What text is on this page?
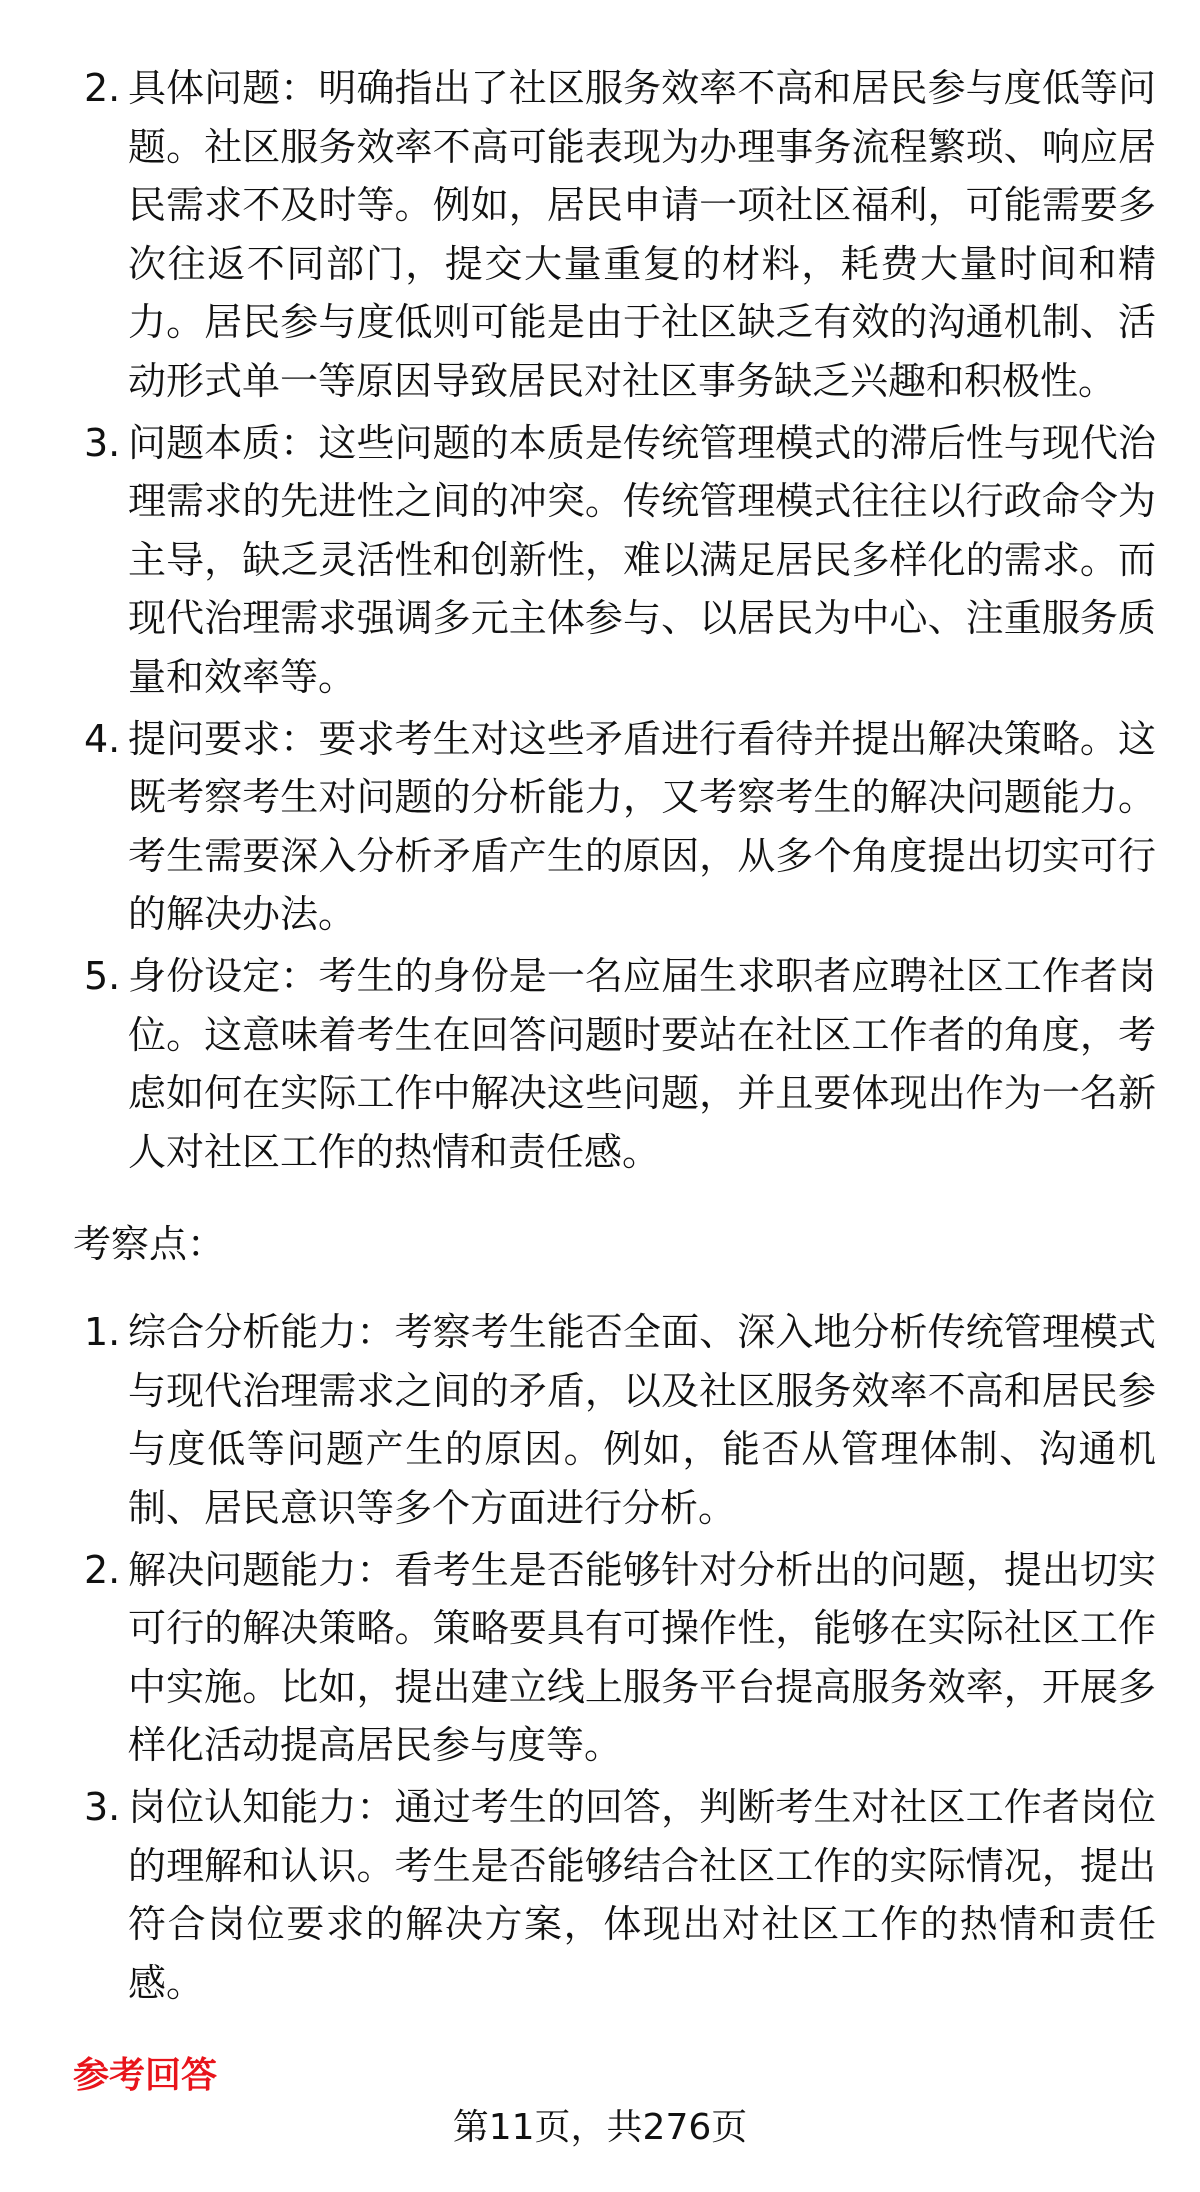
2. 具体问题：明确指出了社区服务效率不高和居民参与度低等问题。社区服务效率不高可能表现为办理事务流程繁琐、响应居民需求不及时等。例如，居民申请一项社区福利，可能需要多次往返不同部门，提交大量重复的材料，耗费大量时间和精力。居民参与度低则可能是由于社区缺乏有效的沟通机制、活动形式单一等原因导致居民对社区事务缺乏兴趣和积极性。
3. 问题本质：这些问题的本质是传统管理模式的滞后性与现代治理需求的先进性之间的冲突。传统管理模式往往以行政命令为主导，缺乏灵活性和创新性，难以满足居民多样化的需求。而现代治理需求强调多元主体参与、以居民为中心、注重服务质量和效率等。
4. 提问要求：要求考生对这些矛盾进行看待并提出解决策略。这既考察考生对问题的分析能力，又考察考生的解决问题能力。考生需要深入分析矛盾产生的原因，从多个角度提出切实可行的解决办法。
5. 身份设定：考生的身份是一名应届生求职者应聘社区工作者岗位。这意味着考生在回答问题时要站在社区工作者的角度，考虑如何在实际工作中解决这些问题，并且要体现出作为一名新人对社区工作的热情和责任感。
考察点：
1. 综合分析能力：考察考生能否全面、深入地分析传统管理模式与现代治理需求之间的矛盾，以及社区服务效率不高和居民参与度低等问题产生的原因。例如，能否从管理体制、沟通机制、居民意识等多个方面进行分析。
2. 解决问题能力：看考生是否能够针对分析出的问题，提出切实可行的解决策略。策略要具有可操作性，能够在实际社区工作中实施。比如，提出建立线上服务平台提高服务效率，开展多样化活动提高居民参与度等。
3. 岗位认知能力：通过考生的回答，判断考生对社区工作者岗位的理解和认识。考生是否能够结合社区工作的实际情况，提出符合岗位要求的解决方案，体现出对社区工作的热情和责任感。
参考回答
第11页，共276页
